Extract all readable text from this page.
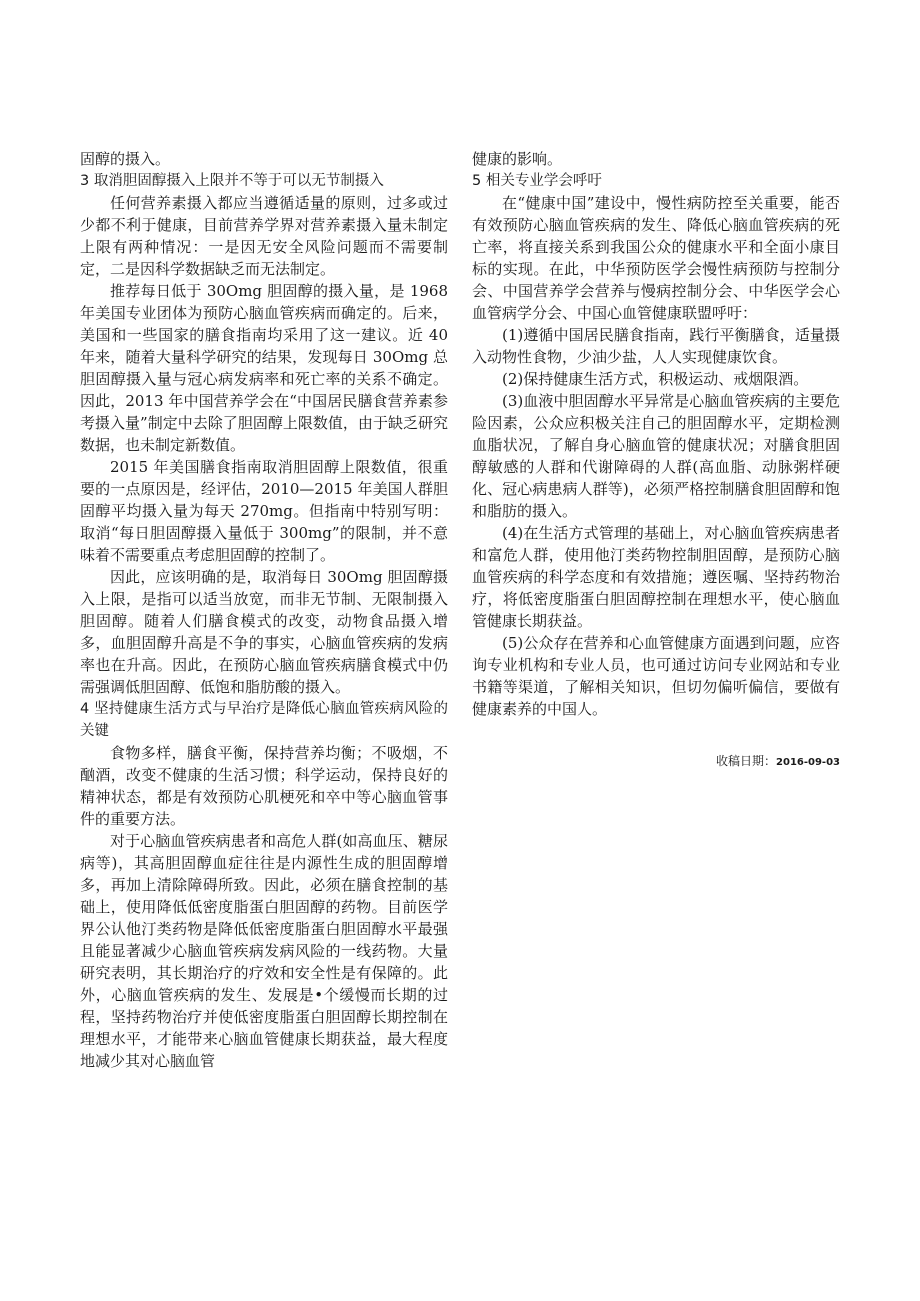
固醇的摄入。

3 取消胆固醇摄入上限并不等于可以无节制摄入

任何营养素摄入都应当遵循适量的原则，过多或过少都不利于健康，目前营养学界对营养素摄入量未制定上限有两种情况：一是因无安全风险问题而不需要制定，二是因科学数据缺乏而无法制定。

推荐每日低于 30Omg 胆固醇的摄入量，是 1968 年美国专业团体为预防心脑血管疾病而确定的。后来，美国和一些国家的膳食指南均采用了这一建议。近 40 年来，随着大量科学研究的结果，发现每日 30Omg 总胆固醇摄入量与冠心病发病率和死亡率的关系不确定。因此，2013 年中国营养学会在“中国居民膳食营养素参考摄入量”制定中去除了胆固醇上限数值，由于缺乏研究数据，也未制定新数值。

2015 年美国膳食指南取消胆固醇上限数值，很重要的一点原因是，经评估，2010—2015 年美国人群胆固醇平均摄入量为每天 270mg。但指南中特别写明：取消“每日胆固醇摄入量低于 300mg”的限制，并不意味着不需要重点考虑胆固醇的控制了。

因此，应该明确的是，取消每日 30Omg 胆固醇摄入上限，是指可以适当放宽，而非无节制、无限制摄入胆固醇。随着人们膳食模式的改变，动物食品摄入增多，血胆固醇升高是不争的事实，心脑血管疾病的发病率也在升高。因此，在预防心脑血管疾病膳食模式中仍需强调低胆固醇、低饱和脂肪酸的摄入。

4 坚持健康生活方式与早治疗是降低心脑血管疾病风险的关键

食物多样，膳食平衡，保持营养均衡；不吸烟，不酗酒，改变不健康的生活习惯；科学运动，保持良好的精神状态，都是有效预防心肌梗死和卒中等心脑血管事件的重要方法。

对于心脑血管疾病患者和高危人群(如高血压、糖尿病等)，其高胆固醇血症往往是内源性生成的胆固醇增多，再加上清除障碍所致。因此，必须在膳食控制的基础上，使用降低低密度脂蛋白胆固醇的药物。目前医学界公认他汀类药物是降低低密度脂蛋白胆固醇水平最强且能显著减少心脑血管疾病发病风险的一线药物。大量研究表明，其长期治疗的疗效和安全性是有保障的。此外，心脑血管疾病的发生、发展是•个缓慢而长期的过程，坚持药物治疗并使低密度脂蛋白胆固醇长期控制在理想水平，才能带来心脑血管健康长期获益，最大程度地减少其对心脑血管

健康的影响。

5 相关专业学会呼吁

在“健康中国”建设中，慢性病防控至关重要，能否有效预防心脑血管疾病的发生、降低心脑血管疾病的死亡率，将直接关系到我国公众的健康水平和全面小康目标的实现。在此，中华预防医学会慢性病预防与控制分会、中国营养学会营养与慢病控制分会、中华医学会心血管病学分会、中国心血管健康联盟呼吁：

(1)遵循中国居民膳食指南，践行平衡膳食，适量摄入动物性食物，少油少盐，人人实现健康饮食。

(2)保持健康生活方式，积极运动、戒烟限酒。

(3)血液中胆固醇水平异常是心脑血管疾病的主要危险因素，公众应积极关注自己的胆固醇水平，定期检测血脂状况，了解自身心脑血管的健康状况；对膳食胆固醇敏感的人群和代谢障碍的人群(高血脂、动脉粥样硬化、冠心病患病人群等)，必须严格控制膳食胆固醇和饱和脂肪的摄入。

(4)在生活方式管理的基础上，对心脑血管疾病患者和富危人群，使用他汀类药物控制胆固醇，是预防心脑血管疾病的科学态度和有效措施；遵医嘱、坚持药物治疗，将低密度脂蛋白胆固醇控制在理想水平，使心脑血管健康长期获益。

(5)公众存在营养和心血管健康方面遇到问题，应咨询专业机构和专业人员，也可通过访问专业网站和专业书籍等渠道，了解相关知识，但切勿偏听偏信，要做有健康素养的中国人。

收稿日期：2016-09-03
